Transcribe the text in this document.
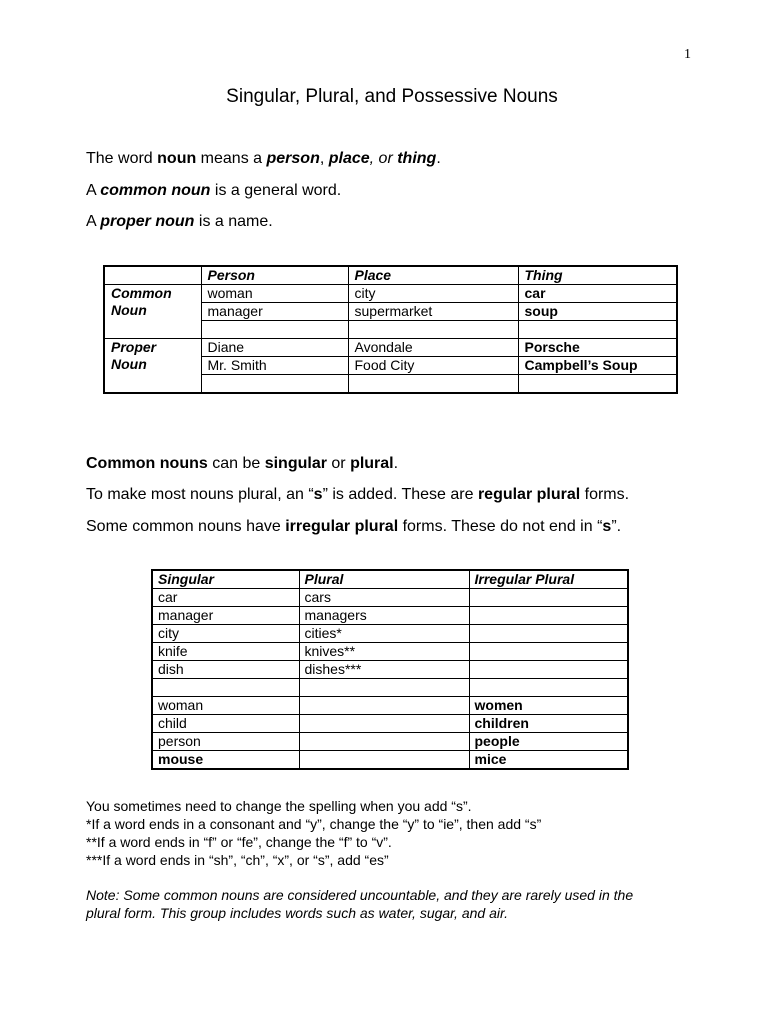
1
Singular, Plural, and Possessive Nouns
The word noun means a person, place, or thing.
A common noun is a general word.
A proper noun is a name.
	Person	Place	Thing
Common
Noun	woman	city	car
	manager	supermarket	soup

Proper
Noun	Diane	Avondale	Porsche
	Mr. Smith	Food City	Campbell’s Soup

Common nouns can be singular or plural.
To make most nouns plural, an “s” is added. These are regular plural forms.
Some common nouns have irregular plural forms. These do not end in “s”.
Singular	Plural	Irregular Plural
car	cars	
manager	managers	
city	cities*	
knife	knives**	
dish	dishes***	

woman		women
child		children
person		people
mouse		mice
You sometimes need to change the spelling when you add “s”.
*If a word ends in a consonant and “y”, change the “y” to “ie”, then add “s”
**If a word ends in “f” or “fe”, change the “f” to “v”.
***If a word ends in “sh”, “ch”, “x”, or “s”, add “es”
Note: Some common nouns are considered uncountable, and they are rarely used in the
plural form. This group includes words such as water, sugar, and air.
